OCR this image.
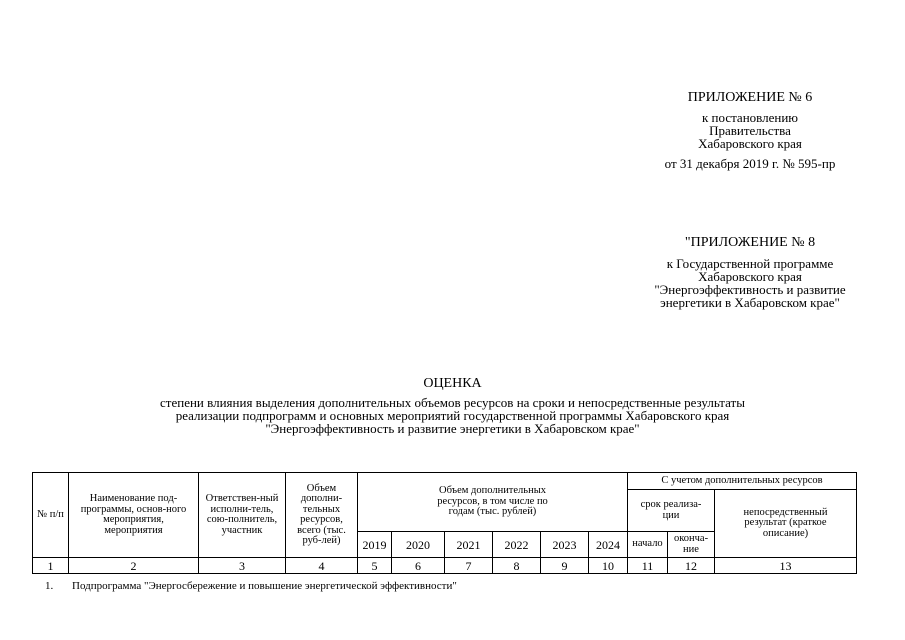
ПРИЛОЖЕНИЕ № 6
к постановлению
Правительства
Хабаровского края
от 31 декабря 2019 г. № 595-пр
"ПРИЛОЖЕНИЕ № 8
к Государственной программе
Хабаровского края
"Энергоэффективность и развитие
энергетики в Хабаровском крае"
ОЦЕНКА
степени влияния выделения дополнительных объемов ресурсов на сроки и непосредственные результаты
реализации подпрограмм и основных мероприятий государственной программы Хабаровского края
"Энергоэффективность и развитие энергетики в Хабаровском крае"
№ п/п	Наименование под-программы, основ-ного мероприятия, мероприятия	Ответствен-ный исполни-тель, сою-полнитель, участник	Объем дополни-тельных ресурсов, всего (тыс. руб-лей)	Объем дополнительных ресурсов, в том числе по годам (тыс. рублей)						С учетом дополнительных ресурсов		
										срок реализа-ции		непосредственный результат (краткое описание)
				2019	2020	2021	2022	2023	2024	начало	оконча-ние	
1	2	3	4	5	6	7	8	9	10	11	12	13
1. Подпрограмма "Энергосбережение и повышение энергетической эффективности"
